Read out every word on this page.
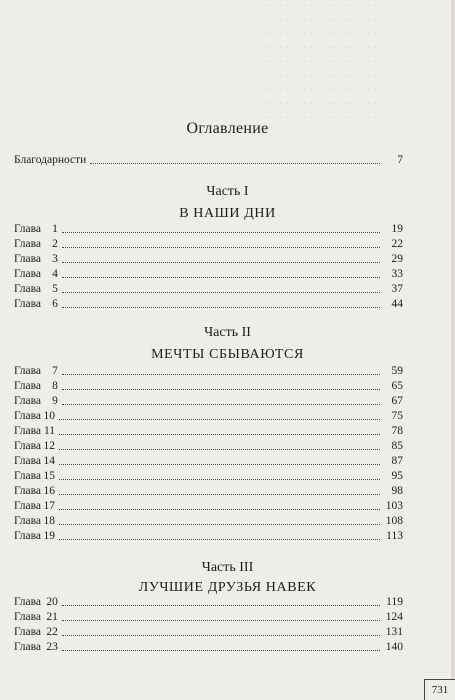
· · · · · · · · · · · · · · · · · · · · · · · ·
· · · · · · · · · · · · · · · · · · · · · · · ·
· · · · · · · · · · · · · · · · · · · · · · · ·
· · · · · · · · · · · · · · · · · · · · · · · ·
· · · · · · · · · · · · · · · · · · · · · · · ·
· · · · · · · · · · · · · · · · · · · · · · · ·
· · · · · · · · · · · · · · · · · · · · · · · ·
· · · · · · · · · · · · · · · · · · · · · · · ·
· · · · · · · · · · · · · · · · · · · · · · · ·
Оглавление
Благодарности	7
Часть I
В НАШИ ДНИ
Глава 1	19
Глава 2	22
Глава 3	29
Глава 4	33
Глава 5	37
Глава 6	44
Часть II
МЕЧТЫ СБЫВАЮТСЯ
Глава 7	59
Глава 8	65
Глава 9	67
Глава 10	75
Глава 11	78
Глава 12	85
Глава 14	87
Глава 15	95
Глава 16	98
Глава 17	103
Глава 18	108
Глава 19	113
Часть III
ЛУЧШИЕ ДРУЗЬЯ НАВЕК
Глава 20	119
Глава 21	124
Глава 22	131
Глава 23	140
731
